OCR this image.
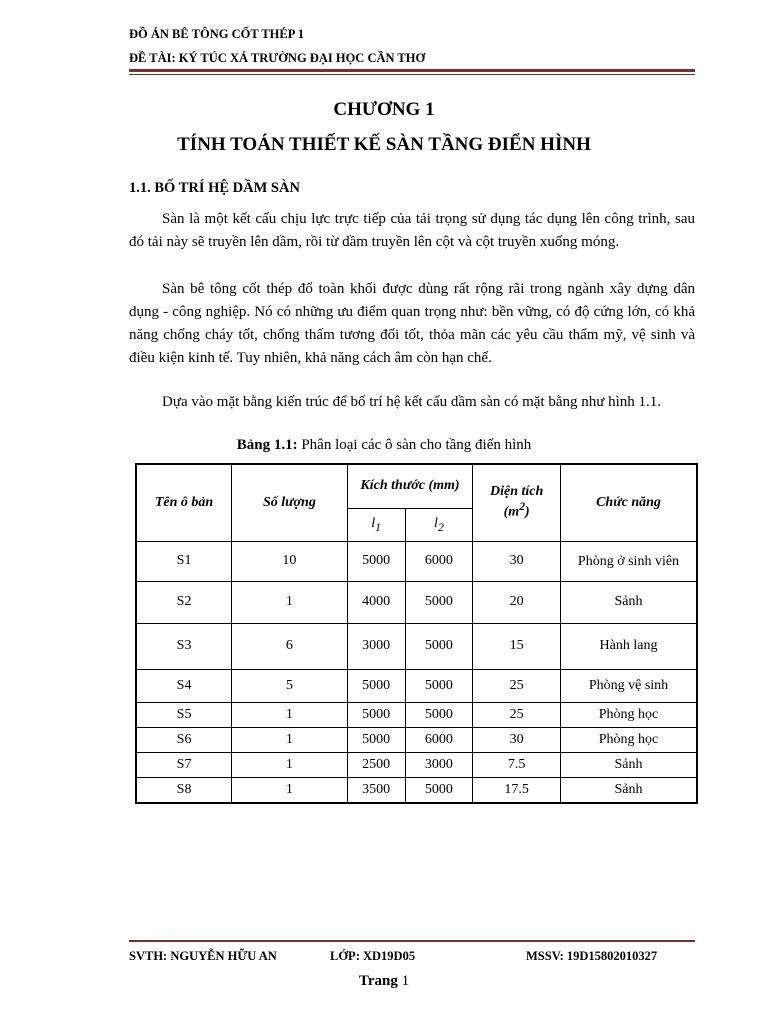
ĐỒ ÁN BÊ TÔNG CỐT THÉP 1
ĐỀ TÀI: KÝ TÚC XÁ TRƯỜNG ĐẠI HỌC CẦN THƠ
CHƯƠNG 1
TÍNH TOÁN THIẾT KẾ SÀN TẦNG ĐIỂN HÌNH
1.1. BỐ TRÍ HỆ DẦM SÀN
Sàn là một kết cấu chịu lực trực tiếp của tải trọng sử dụng tác dụng lên công trình, sau đó tải này sẽ truyền lên dầm, rồi từ dầm truyền lên cột và cột truyền xuống móng.
Sàn bê tông cốt thép đổ toàn khối được dùng rất rộng rãi trong ngành xây dựng dân dụng - công nghiệp. Nó có những ưu điểm quan trọng như: bền vững, có độ cứng lớn, có khả năng chống cháy tốt, chống thấm tương đối tốt, thỏa mãn các yêu cầu thẩm mỹ, vệ sinh và điều kiện kinh tế. Tuy nhiên, khả năng cách âm còn hạn chế.
Dựa vào mặt bằng kiến trúc để bố trí hệ kết cấu dầm sàn có mặt bằng như hình 1.1.
Bảng 1.1: Phân loại các ô sàn cho tầng điển hình
Tên ô bản	Số lượng	Kích thước (mm)		Diện tích $(m^2)$	Chức năng
		$l_1$	$l_2$
S1	10	5000	6000	30	Phòng ở sinh viên
S2	1	4000	5000	20	Sảnh
S3	6	3000	5000	15	Hành lang
S4	5	5000	5000	25	Phòng vệ sinh
S5	1	5000	5000	25	Phòng học
S6	1	5000	6000	30	Phòng học
S7	1	2500	3000	7.5	Sảnh
S8	1	3500	5000	17.5	Sảnh
SVTH: NGUYỄN HỮU AN	LỚP: XD19D05	MSSV: 19D15802010327
Trang 1
